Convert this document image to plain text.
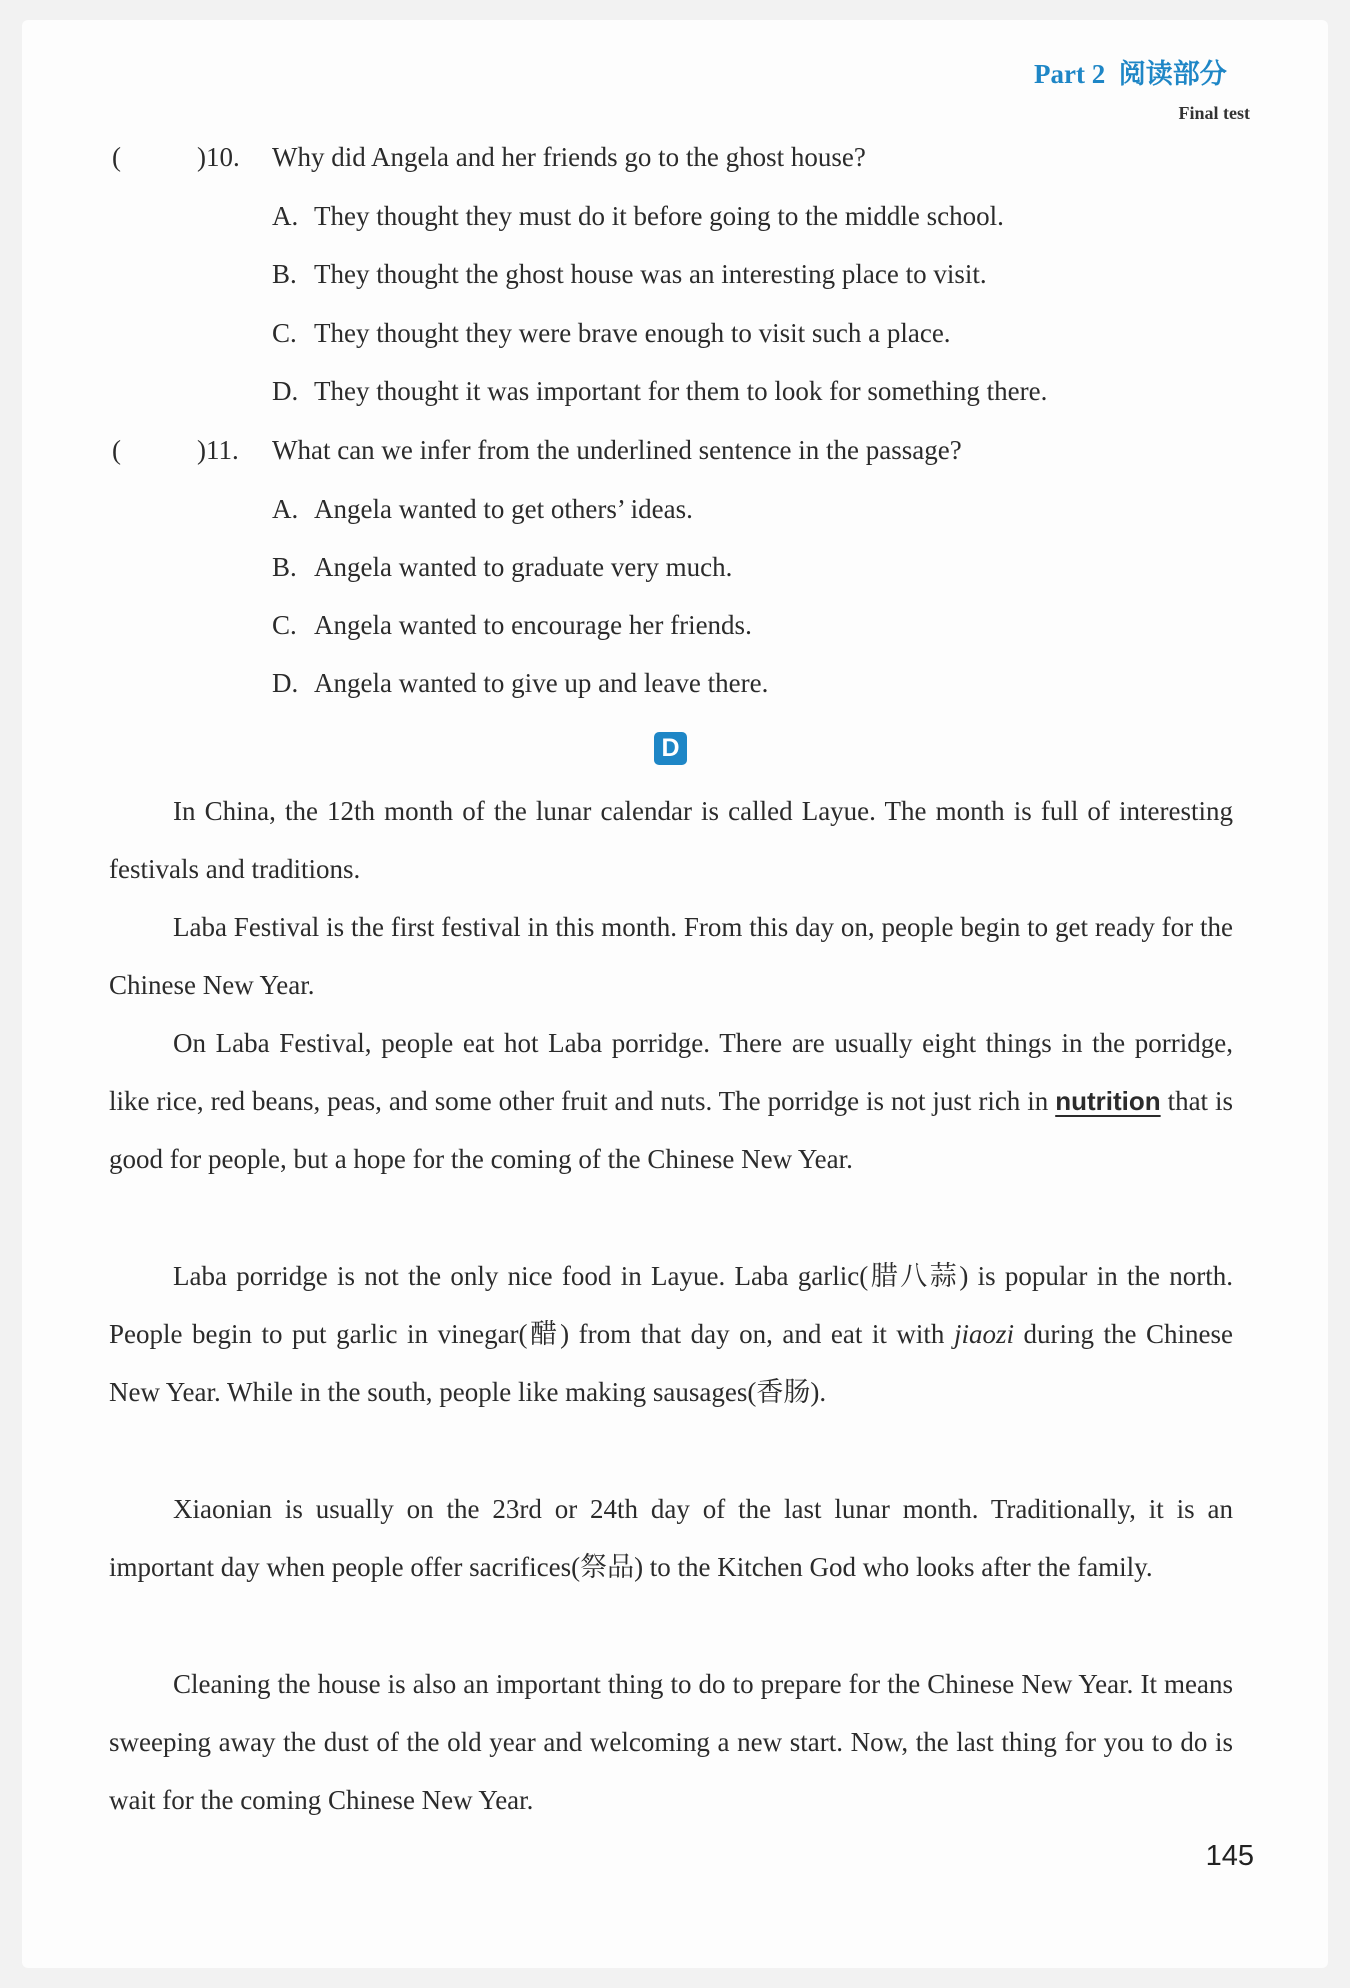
Part 2 阅读部分
Final test
(	)10. Why did Angela and her friends go to the ghost house?
A. They thought they must do it before going to the middle school.
B. They thought the ghost house was an interesting place to visit.
C. They thought they were brave enough to visit such a place.
D. They thought it was important for them to look for something there.
(	)11. What can we infer from the underlined sentence in the passage?
A. Angela wanted to get others’ ideas.
B. Angela wanted to graduate very much.
C. Angela wanted to encourage her friends.
D. Angela wanted to give up and leave there.
D
In China, the 12th month of the lunar calendar is called Layue. The month is full of interesting festivals and traditions.
Laba Festival is the first festival in this month. From this day on, people begin to get ready for the Chinese New Year.
On Laba Festival, people eat hot Laba porridge. There are usually eight things in the porridge, like rice, red beans, peas, and some other fruit and nuts. The porridge is not just rich in nutrition that is good for people, but a hope for the coming of the Chinese New Year.
Laba porridge is not the only nice food in Layue. Laba garlic(腊八蒜) is popular in the north. People begin to put garlic in vinegar(醋) from that day on, and eat it with jiaozi during the Chinese New Year. While in the south, people like making sausages(香肠).
Xiaonian is usually on the 23rd or 24th day of the last lunar month. Traditionally, it is an important day when people offer sacrifices(祭品) to the Kitchen God who looks after the family.
Cleaning the house is also an important thing to do to prepare for the Chinese New Year. It means sweeping away the dust of the old year and welcoming a new start. Now, the last thing for you to do is wait for the coming Chinese New Year.
145
